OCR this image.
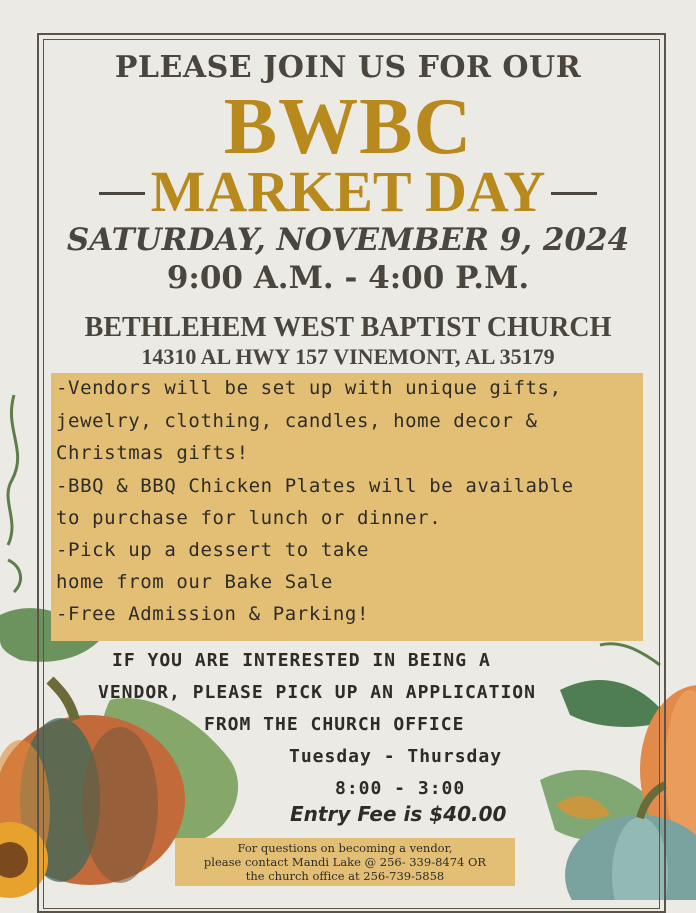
PLEASE JOIN US FOR OUR
BWBC
MARKET DAY
SATURDAY, NOVEMBER 9, 2024
9:00 A.M. - 4:00 P.M.
BETHLEHEM WEST BAPTIST CHURCH
14310 AL HWY 157 VINEMONT, AL 35179

-Vendors will be set up with unique gifts,

jewelry, clothing, candles, home decor &

Christmas gifts!

-BBQ & BBQ Chicken Plates will be available

to purchase for lunch or dinner.

-Pick up a dessert to take

home from our Bake Sale

-Free Admission & Parking!

IF YOU ARE INTERESTED IN BEING A
VENDOR, PLEASE PICK UP AN APPLICATION
FROM THE CHURCH OFFICE
Tuesday - Thursday
8:00 - 3:00
Entry Fee is $40.00

For questions on becoming a vendor,

please contact Mandi Lake @ 256- 339-8474 OR

the church office at 256-739-5858
